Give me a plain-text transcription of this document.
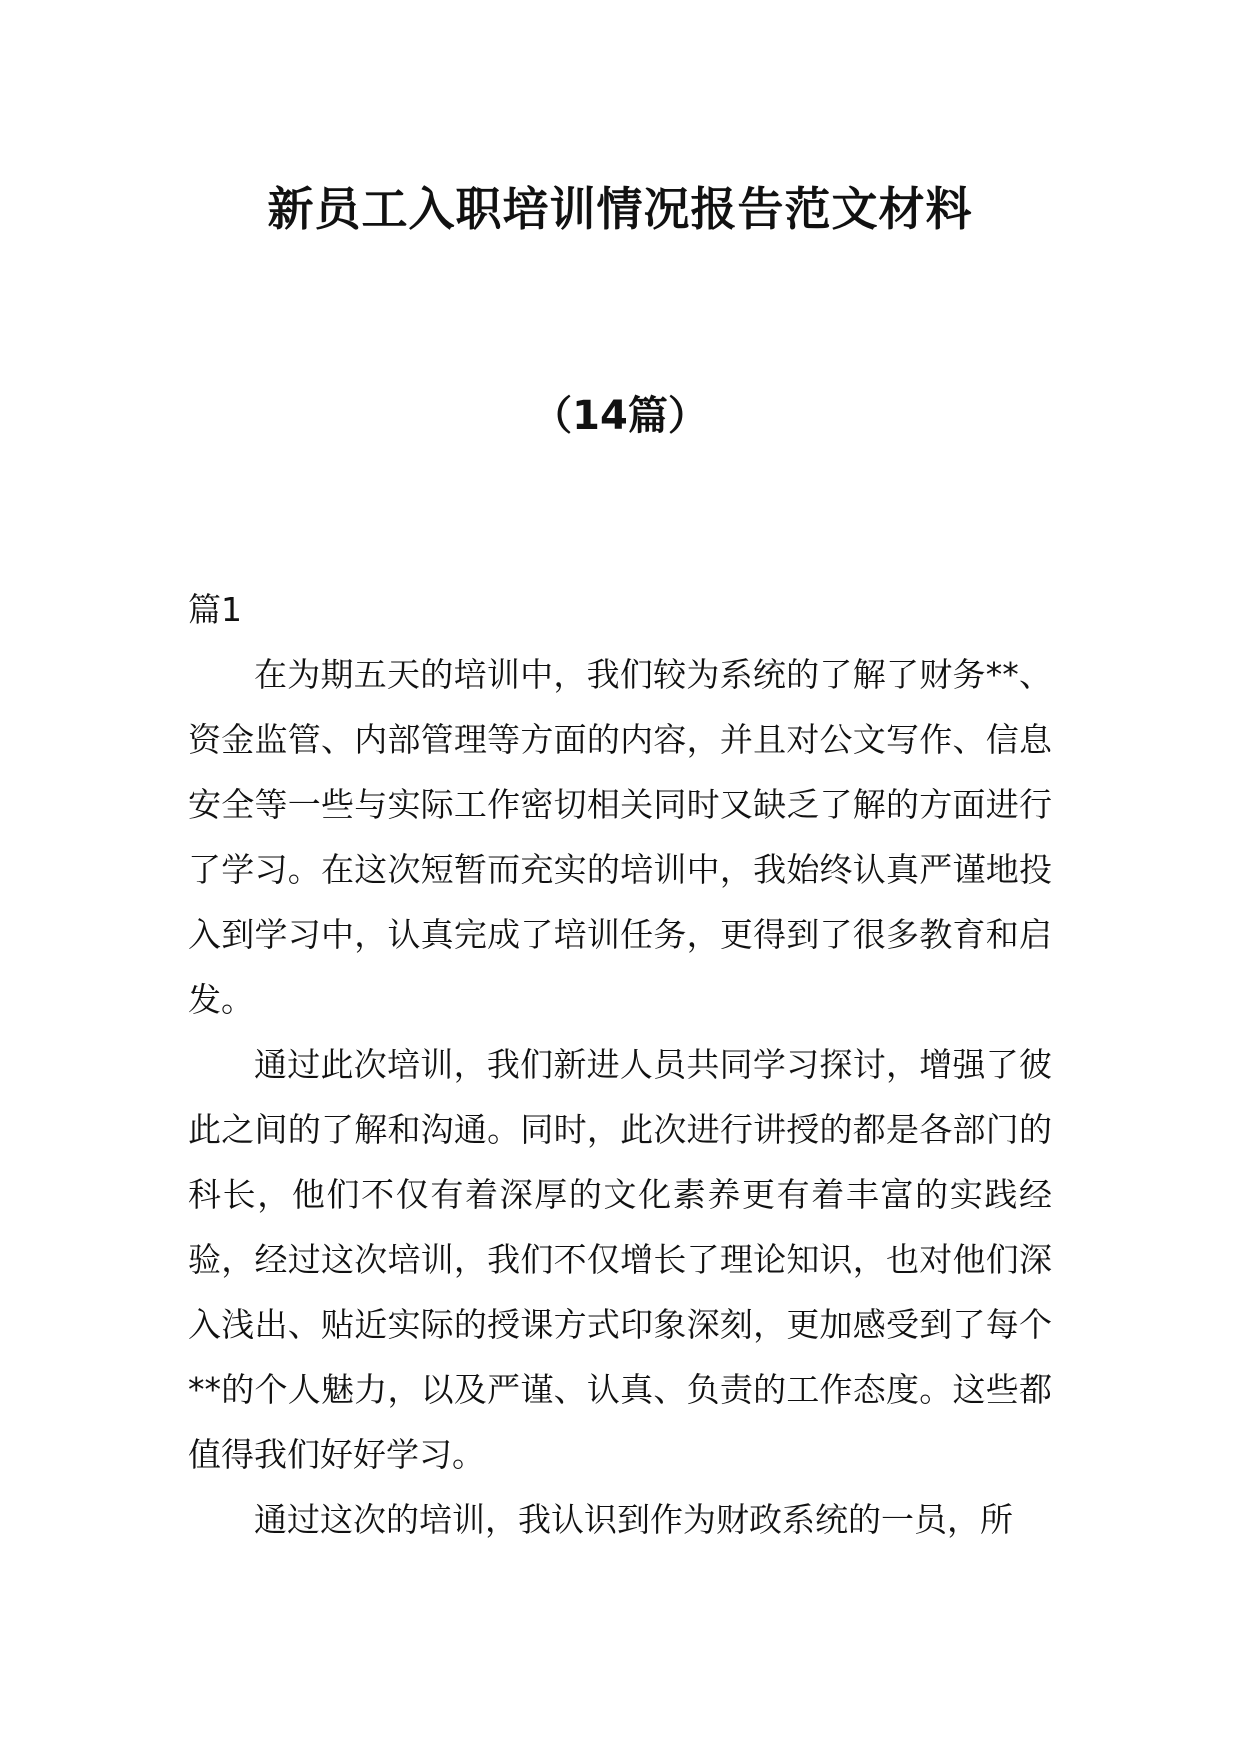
新员工入职培训情况报告范文材料
（14篇）
篇1

在为期五天的培训中，我们较为系统的了解了财务**、资金监管、内部管理等方面的内容，并且对公文写作、信息安全等一些与实际工作密切相关同时又缺乏了解的方面进行了学习。在这次短暂而充实的培训中，我始终认真严谨地投入到学习中，认真完成了培训任务，更得到了很多教育和启发。

通过此次培训，我们新进人员共同学习探讨，增强了彼此之间的了解和沟通。同时，此次进行讲授的都是各部门的科长，他们不仅有着深厚的文化素养更有着丰富的实践经验，经过这次培训，我们不仅增长了理论知识，也对他们深入浅出、贴近实际的授课方式印象深刻，更加感受到了每个**的个人魅力，以及严谨、认真、负责的工作态度。这些都值得我们好好学习。

通过这次的培训，我认识到作为财政系统的一员，所
